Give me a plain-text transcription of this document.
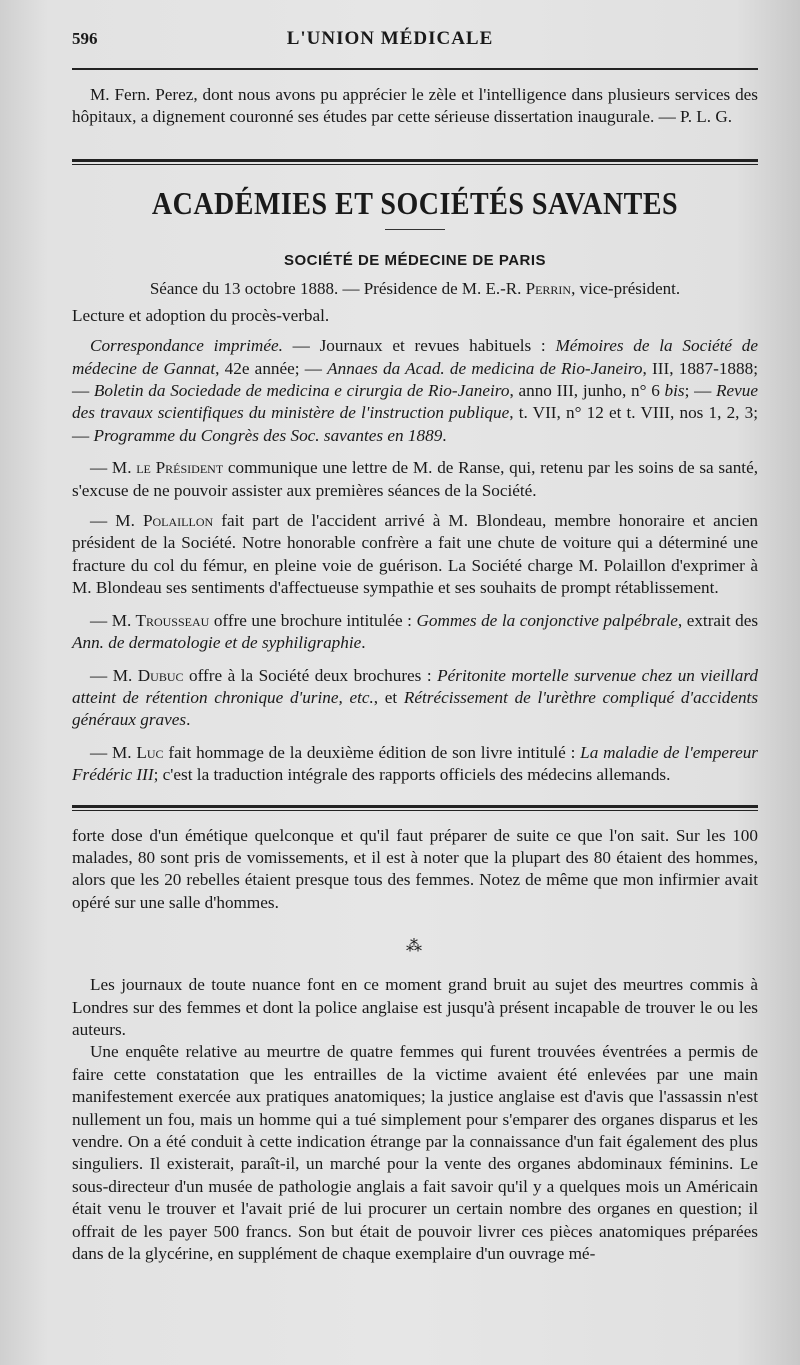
596	L'UNION MÉDICALE

M. Fern. Perez, dont nous avons pu apprécier le zèle et l'intelligence dans plusieurs services des hôpitaux, a dignement couronné ses études par cette sérieuse dissertation inaugurale. — P. L. G.

ACADÉMIES ET SOCIÉTÉS SAVANTES
SOCIÉTÉ DE MÉDECINE DE PARIS
Séance du 13 octobre 1888. — Présidence de M. E.-R. Perrin, vice-président.

Lecture et adoption du procès-verbal.

Correspondance imprimée. — Journaux et revues habituels : Mémoires de la Société de médecine de Gannat, 42e année; — Annaes da Acad. de medicina de Rio-Janeiro, III, 1887-1888; — Boletin da Sociedade de medicina e cirurgia de Rio-Janeiro, anno III, junho, n° 6 bis; — Revue des travaux scientifiques du ministère de l'instruction publique, t. VII, n° 12 et t. VIII, nos 1, 2, 3; — Programme du Congrès des Soc. savantes en 1889.

— M. le Président communique une lettre de M. de Ranse, qui, retenu par les soins de sa santé, s'excuse de ne pouvoir assister aux premières séances de la Société.

— M. Polaillon fait part de l'accident arrivé à M. Blondeau, membre honoraire et ancien président de la Société. Notre honorable confrère a fait une chute de voiture qui a déterminé une fracture du col du fémur, en pleine voie de guérison. La Société charge M. Polaillon d'exprimer à M. Blondeau ses sentiments d'affectueuse sympathie et ses souhaits de prompt rétablissement.

— M. Trousseau offre une brochure intitulée : Gommes de la conjonctive palpébrale, extrait des Ann. de dermatologie et de syphiligraphie.

— M. Dubuc offre à la Société deux brochures : Péritonite mortelle survenue chez un vieillard atteint de rétention chronique d'urine, etc., et Rétrécissement de l'urèthre compliqué d'accidents généraux graves.

— M. Luc fait hommage de la deuxième édition de son livre intitulé : La maladie de l'empereur Frédéric III; c'est la traduction intégrale des rapports officiels des médecins allemands.

forte dose d'un émétique quelconque et qu'il faut préparer de suite ce que l'on sait. Sur les 100 malades, 80 sont pris de vomissements, et il est à noter que la plupart des 80 étaient des hommes, alors que les 20 rebelles étaient presque tous des femmes. Notez de même que mon infirmier avait opéré sur une salle d'hommes.

⁂

Les journaux de toute nuance font en ce moment grand bruit au sujet des meurtres commis à Londres sur des femmes et dont la police anglaise est jusqu'à présent incapable de trouver le ou les auteurs.

Une enquête relative au meurtre de quatre femmes qui furent trouvées éventrées a permis de faire cette constatation que les entrailles de la victime avaient été enlevées par une main manifestement exercée aux pratiques anatomiques; la justice anglaise est d'avis que l'assassin n'est nullement un fou, mais un homme qui a tué simplement pour s'emparer des organes disparus et les vendre. On a été conduit à cette indication étrange par la connaissance d'un fait également des plus singuliers. Il existerait, paraît-il, un marché pour la vente des organes abdominaux féminins. Le sous-directeur d'un musée de pathologie anglais a fait savoir qu'il y a quelques mois un Américain était venu le trouver et l'avait prié de lui procurer un certain nombre des organes en question; il offrait de les payer 500 francs. Son but était de pouvoir livrer ces pièces anatomiques préparées dans de la glycérine, en supplément de chaque exemplaire d'un ouvrage mé-
